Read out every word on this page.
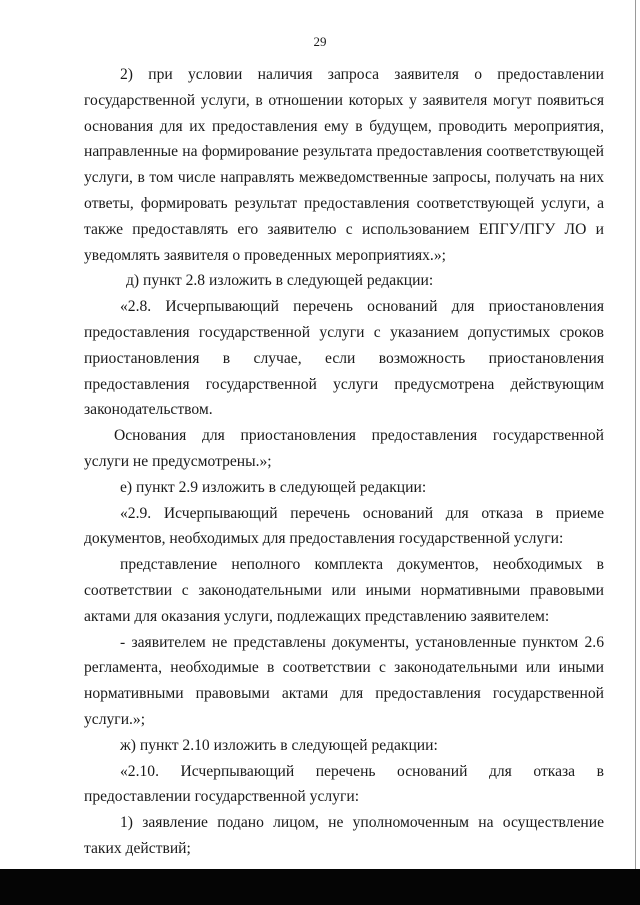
29

2) при условии наличия запроса заявителя о предоставлении государственной услуги, в отношении которых у заявителя могут появиться основания для их предоставления ему в будущем, проводить мероприятия, направленные на формирование результата предоставления соответствующей услуги, в том числе направлять межведомственные запросы, получать на них ответы, формировать результат предоставления соответствующей услуги, а также предоставлять его заявителю с использованием ЕПГУ/ПГУ ЛО и уведомлять заявителя о проведенных мероприятиях.»;

д) пункт 2.8 изложить в следующей редакции:

«2.8. Исчерпывающий перечень оснований для приостановления предоставления государственной услуги с указанием допустимых сроков приостановления в случае, если возможность приостановления предоставления государственной услуги предусмотрена действующим законодательством.

Основания для приостановления предоставления государственной услуги не предусмотрены.»;

е) пункт 2.9 изложить в следующей редакции:

«2.9. Исчерпывающий перечень оснований для отказа в приеме документов, необходимых для предоставления государственной услуги:

представление неполного комплекта документов, необходимых в соответствии с законодательными или иными нормативными правовыми актами для оказания услуги, подлежащих представлению заявителем:

- заявителем не представлены документы, установленные пунктом 2.6 регламента, необходимые в соответствии с законодательными или иными нормативными правовыми актами для предоставления государственной услуги.»;

ж) пункт 2.10 изложить в следующей редакции:

«2.10. Исчерпывающий перечень оснований для отказа в предоставлении государственной услуги:

1) заявление подано лицом, не уполномоченным на осуществление таких действий;
